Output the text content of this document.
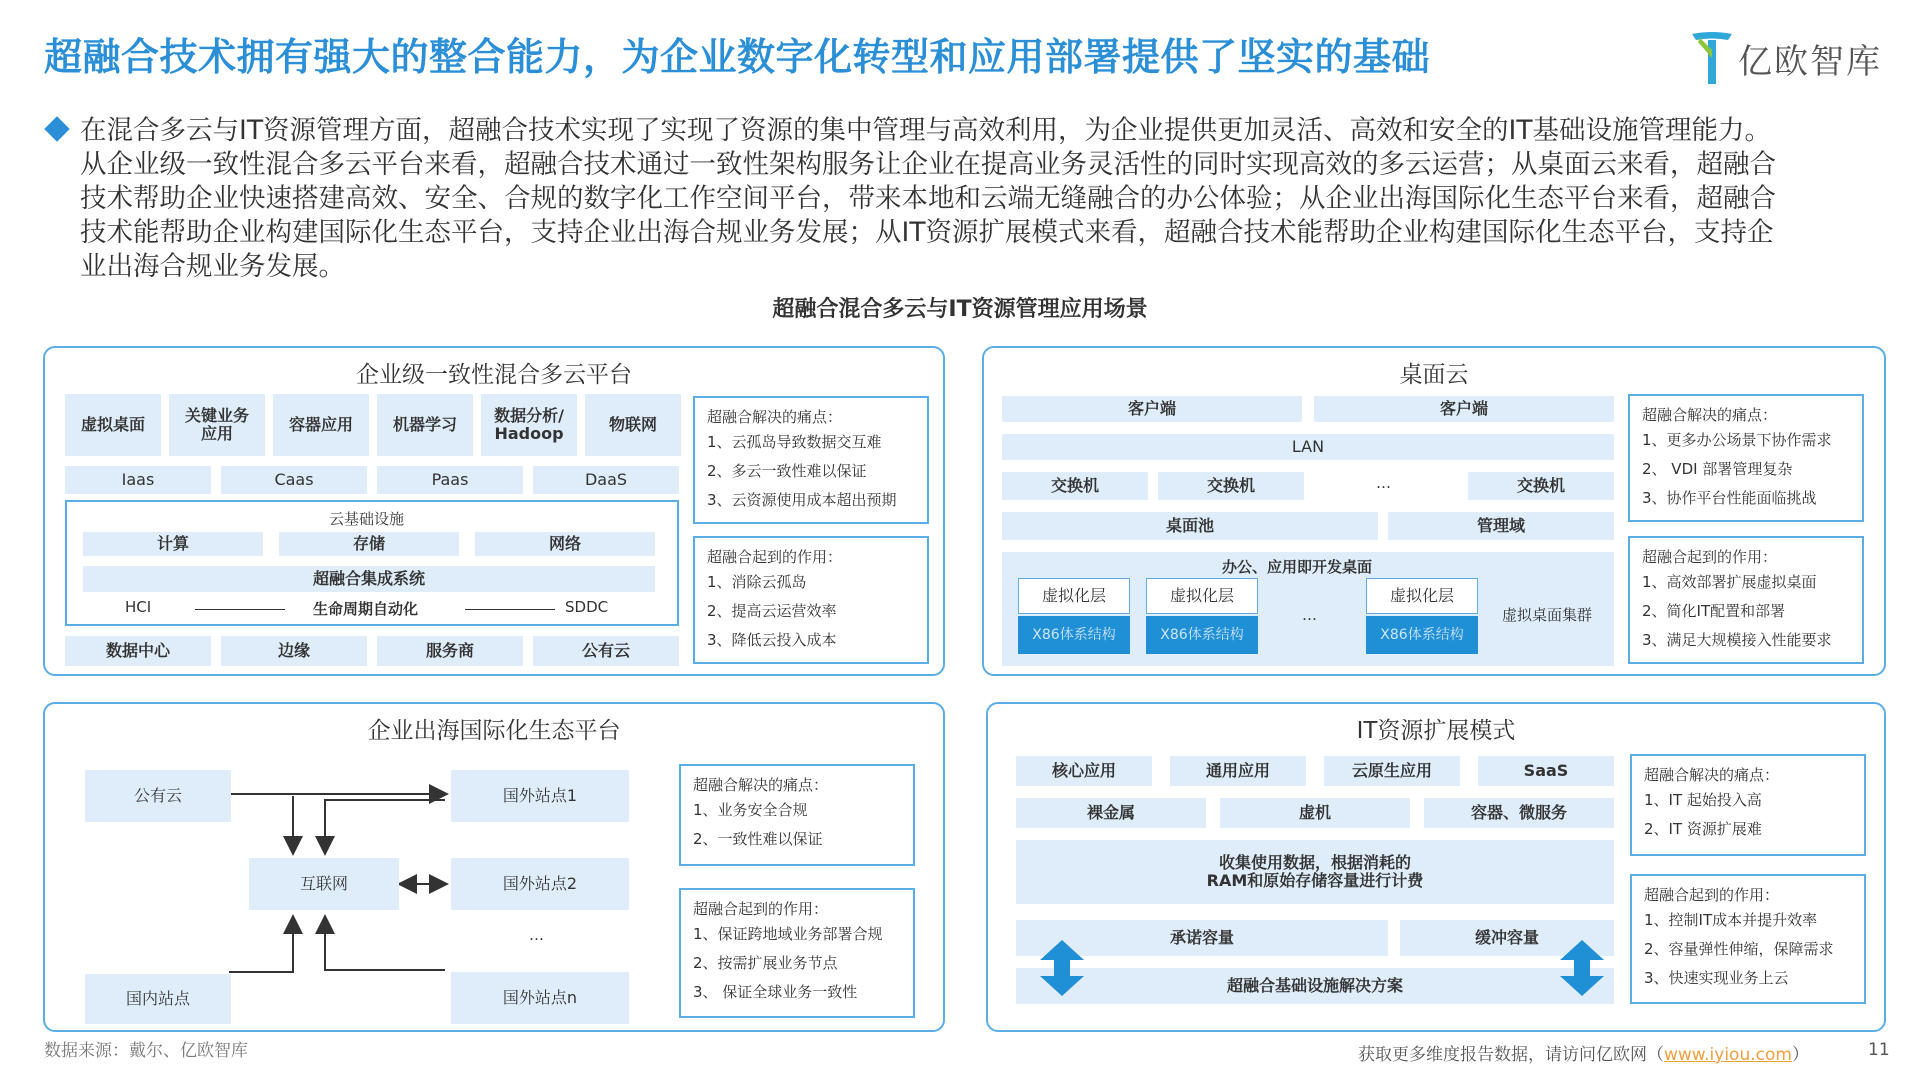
超融合技术拥有强大的整合能力，为企业数字化转型和应用部署提供了坚实的基础	亿欧智库
在混合多云与IT资源管理方面，超融合技术实现了实现了资源的集中管理与高效利用，为企业提供更加灵活、高效和安全的IT基础设施管理能力。
从企业级一致性混合多云平台来看，超融合技术通过一致性架构服务让企业在提高业务灵活性的同时实现高效的多云运营；从桌面云来看，超融合
技术帮助企业快速搭建高效、安全、合规的数字化工作空间平台，带来本地和云端无缝融合的办公体验；从企业出海国际化生态平台来看，超融合
技术能帮助企业构建国际化生态平台，支持企业出海合规业务发展；从IT资源扩展模式来看，超融合技术能帮助企业构建国际化生态平台，支持企
业出海合规业务发展。
超融合混合多云与IT资源管理应用场景
企业级一致性混合多云平台
虚拟桌面	关键业务应用	容器应用	机器学习	数据分析/Hadoop	物联网
Iaas	Caas	Paas	DaaS
云基础设施
计算	存储	网络
超融合集成系统
HCI	生命周期自动化	SDDC
数据中心	边缘	服务商	公有云
超融合解决的痛点：
1、云孤岛导致数据交互难
2、多云一致性难以保证
3、云资源使用成本超出预期
超融合起到的作用：
1、消除云孤岛
2、提高云运营效率
3、降低云投入成本
桌面云
客户端	客户端
LAN
交换机	交换机	…	交换机
桌面池	管理域
办公、应用即开发桌面
虚拟化层
X86体系结构
虚拟化层
X86体系结构
…
虚拟化层
X86体系结构
虚拟桌面集群
超融合解决的痛点：
1、更多办公场景下协作需求
2、 VDI 部署管理复杂
3、协作平台性能面临挑战
超融合起到的作用：
1、高效部署扩展虚拟桌面
2、简化IT配置和部署
3、满足大规模接入性能要求
企业出海国际化生态平台
公有云
互联网
国内站点
国外站点1
国外站点2
…
国外站点n
超融合解决的痛点：
1、业务安全合规
2、一致性难以保证
超融合起到的作用：
1、保证跨地域业务部署合规
2、按需扩展业务节点
3、 保证全球业务一致性
IT资源扩展模式
核心应用	通用应用	云原生应用	SaaS
裸金属	虚机	容器、微服务
收集使用数据，根据消耗的RAM和原始存储容量进行计费
承诺容量	缓冲容量
超融合基础设施解决方案
超融合解决的痛点：
1、IT 起始投入高
2、IT 资源扩展难
超融合起到的作用：
1、控制IT成本并提升效率
2、容量弹性伸缩，保障需求
3、快速实现业务上云
数据来源：戴尔、亿欧智库	获取更多维度报告数据，请访问亿欧网（www.iyiou.com）	11
